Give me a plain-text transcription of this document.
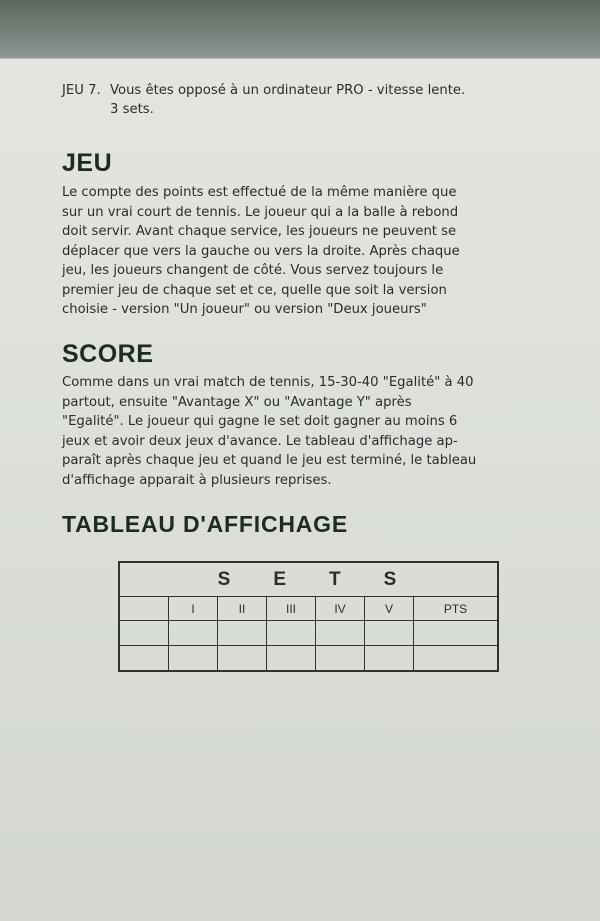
JEU 7. Vous êtes opposé à un ordinateur PRO - vitesse lente.
3 sets.
JEU
Le compte des points est effectué de la même manière que
sur un vrai court de tennis. Le joueur qui a la balle à rebond
doit servir. Avant chaque service, les joueurs ne peuvent se
déplacer que vers la gauche ou vers la droite. Après chaque
jeu, les joueurs changent de côté. Vous servez toujours le
premier jeu de chaque set et ce, quelle que soit la version
choisie - version "Un joueur" ou version "Deux joueurs"
SCORE
Comme dans un vrai match de tennis, 15-30-40 "Egalité" à 40
partout, ensuite "Avantage X" ou "Avantage Y" après
"Egalité". Le joueur qui gagne le set doit gagner au moins 6
jeux et avoir deux jeux d'avance. Le tableau d'affichage ap-
paraît après chaque jeu et quand le jeu est terminé, le tableau
d'affichage apparait à plusieurs reprises.
TABLEAU D'AFFICHAGE
S E T S						
	I	II	III	IV	V	PTS
